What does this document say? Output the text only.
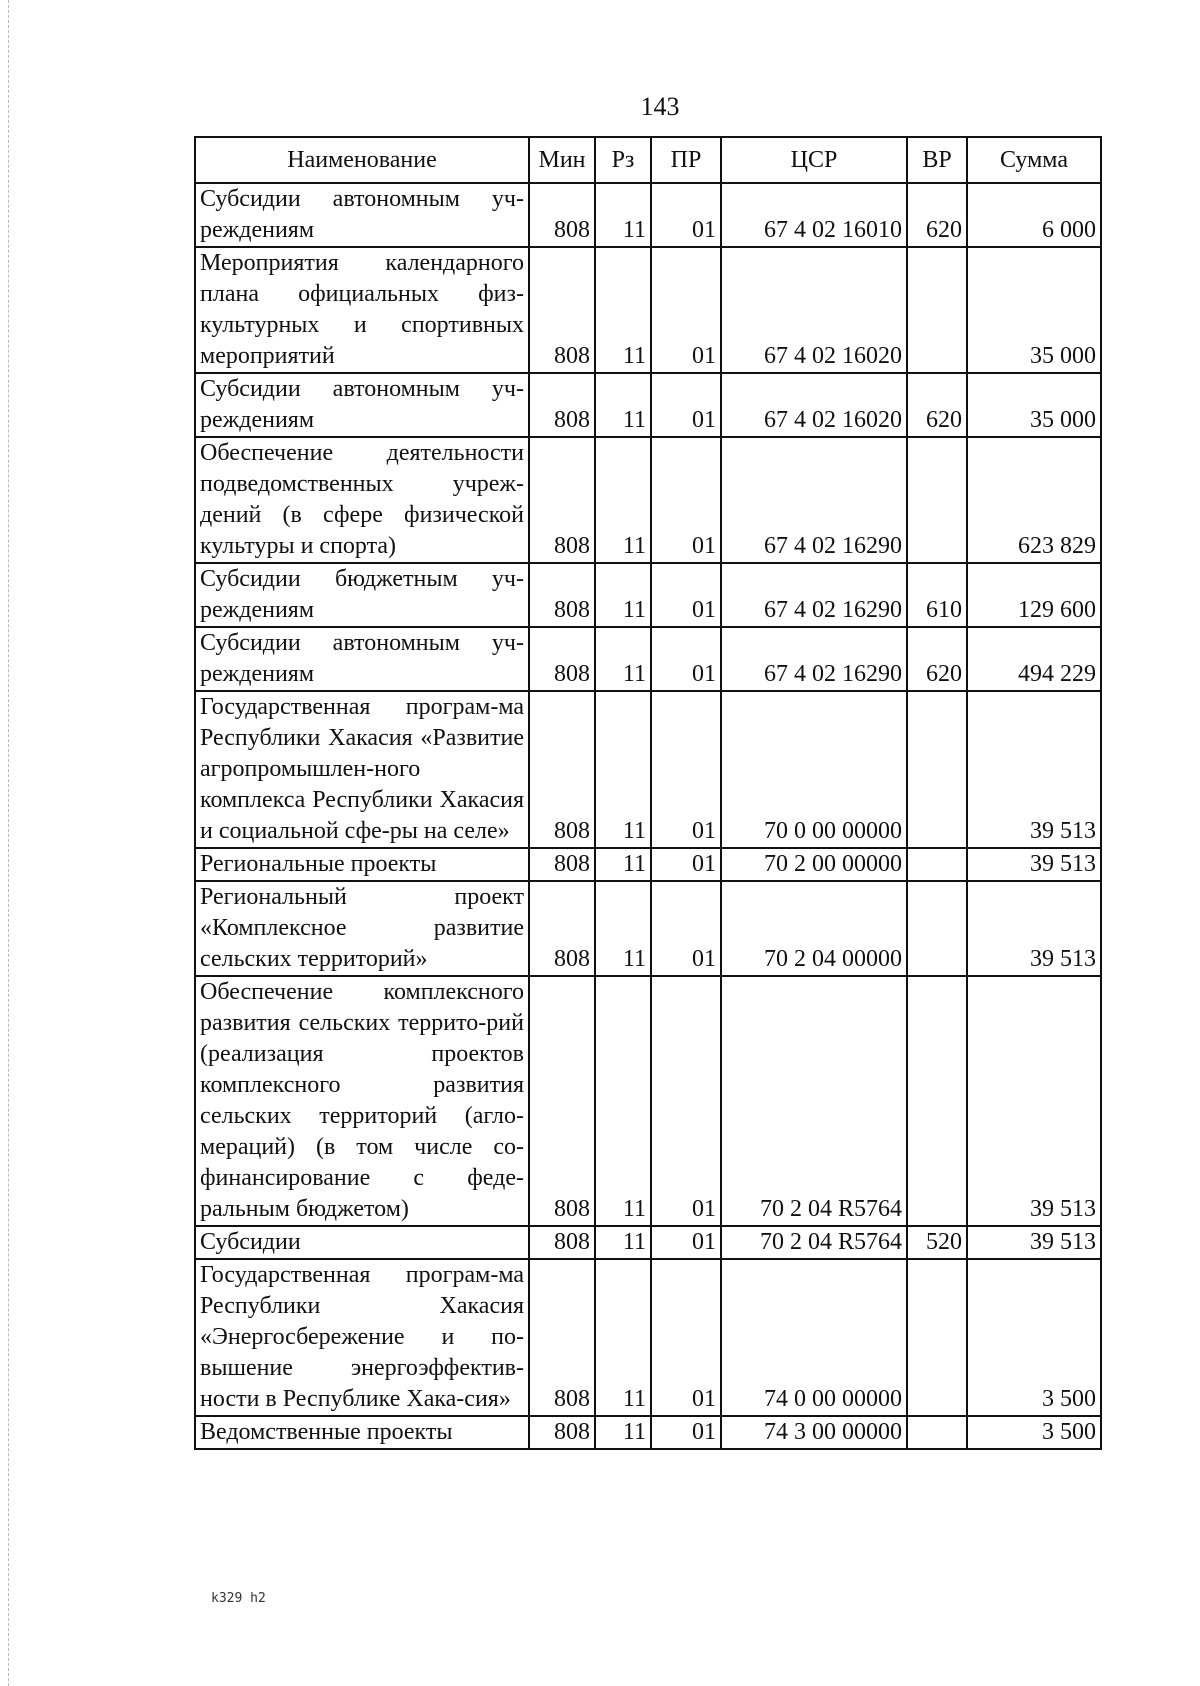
143
Наименование	Мин	Рз	ПР	ЦСР	ВР	Сумма
Субсидии автономным уч-реждениям	808	11	01	67 4 02 16010	620	6 000
Мероприятия календарного плана официальных физ-культурных и спортивных мероприятий	808	11	01	67 4 02 16020		35 000
Субсидии автономным уч-реждениям	808	11	01	67 4 02 16020	620	35 000
Обеспечение деятельности подведомственных учреж-дений (в сфере физической культуры и спорта)	808	11	01	67 4 02 16290		623 829
Субсидии бюджетным уч-реждениям	808	11	01	67 4 02 16290	610	129 600
Субсидии автономным уч-реждениям	808	11	01	67 4 02 16290	620	494 229
Государственная програм-ма Республики Хакасия «Развитие агропромышлен-ного комплекса Республики Хакасия и социальной сфе-ры на селе»	808	11	01	70 0 00 00000		39 513
Региональные проекты	808	11	01	70 2 00 00000		39 513
Региональный проект «Комплексное развитие сельских территорий»	808	11	01	70 2 04 00000		39 513
Обеспечение комплексного развития сельских террито-рий (реализация проектов комплексного развития сельских территорий (агло-мераций) (в том числе со-финансирование с феде-ральным бюджетом)	808	11	01	70 2 04 R5764		39 513
Субсидии	808	11	01	70 2 04 R5764	520	39 513
Государственная програм-ма Республики Хакасия «Энергосбережение и по-вышение энергоэффектив-ности в Республике Хака-сия»	808	11	01	74 0 00 00000		3 500
Ведомственные проекты	808	11	01	74 3 00 00000		3 500
k329 h2
